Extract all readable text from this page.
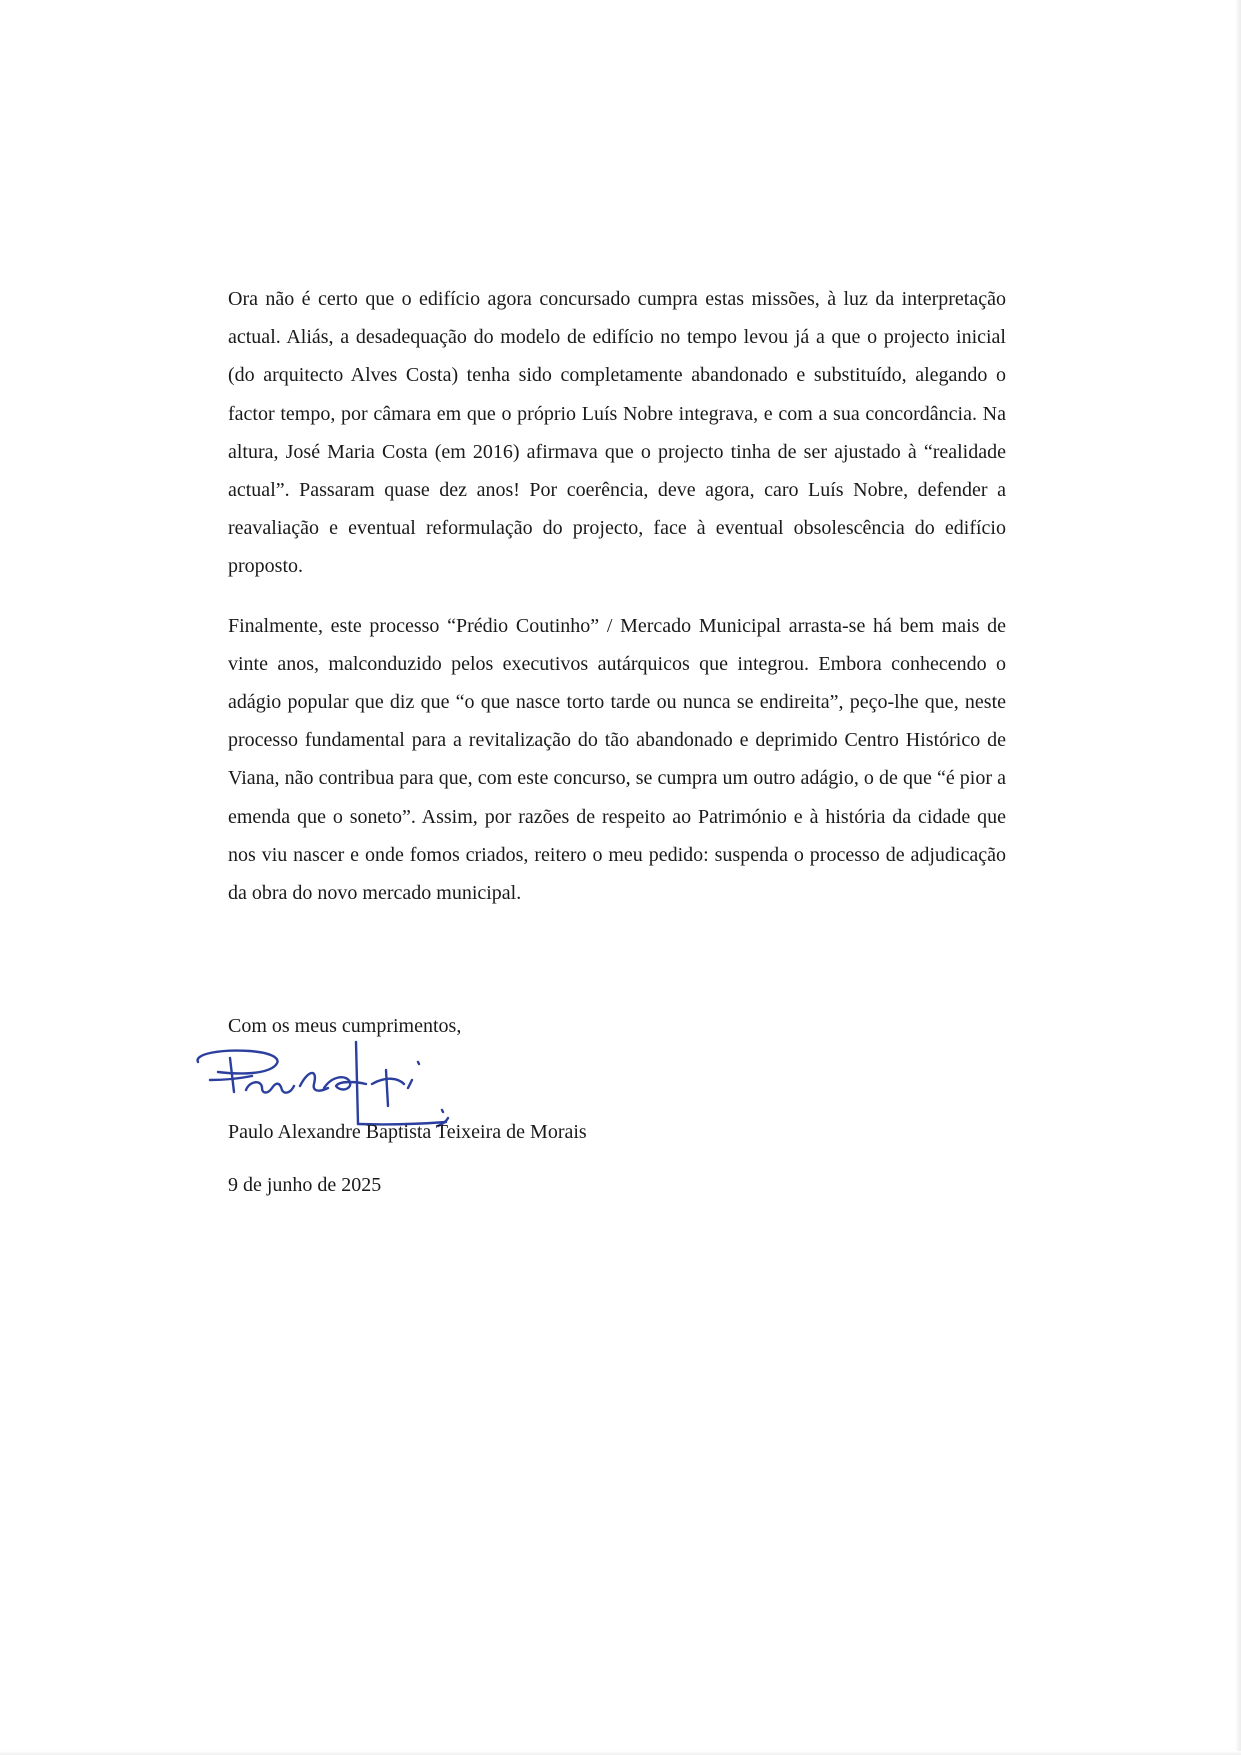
Ora não é certo que o edifício agora concursado cumpra estas missões, à luz da interpretação actual. Aliás, a desadequação do modelo de edifício no tempo levou já a que o projecto inicial (do arquitecto Alves Costa) tenha sido completamente abandonado e substituído, alegando o factor tempo, por câmara em que o próprio Luís Nobre integrava, e com a sua concordância. Na altura, José Maria Costa (em 2016) afirmava que o projecto tinha de ser ajustado à “realidade actual”. Passaram quase dez anos! Por coerência, deve agora, caro Luís Nobre, defender a reavaliação e eventual reformulação do projecto, face à eventual obsolescência do edifício proposto.

Finalmente, este processo “Prédio Coutinho” / Mercado Municipal arrasta-se há bem mais de vinte anos, malconduzido pelos executivos autárquicos que integrou. Embora conhecendo o adágio popular que diz que “o que nasce torto tarde ou nunca se endireita”, peço-lhe que, neste processo fundamental para a revitalização do tão abandonado e deprimido Centro Histórico de Viana, não contribua para que, com este concurso, se cumpra um outro adágio, o de que “é pior a emenda que o soneto”. Assim, por razões de respeito ao Património e à história da cidade que nos viu nascer e onde fomos criados, reitero o meu pedido: suspenda o processo de adjudicação da obra do novo mercado municipal.

Com os meus cumprimentos,
Paulo Alexandre Baptista Teixeira de Morais
9 de junho de 2025
